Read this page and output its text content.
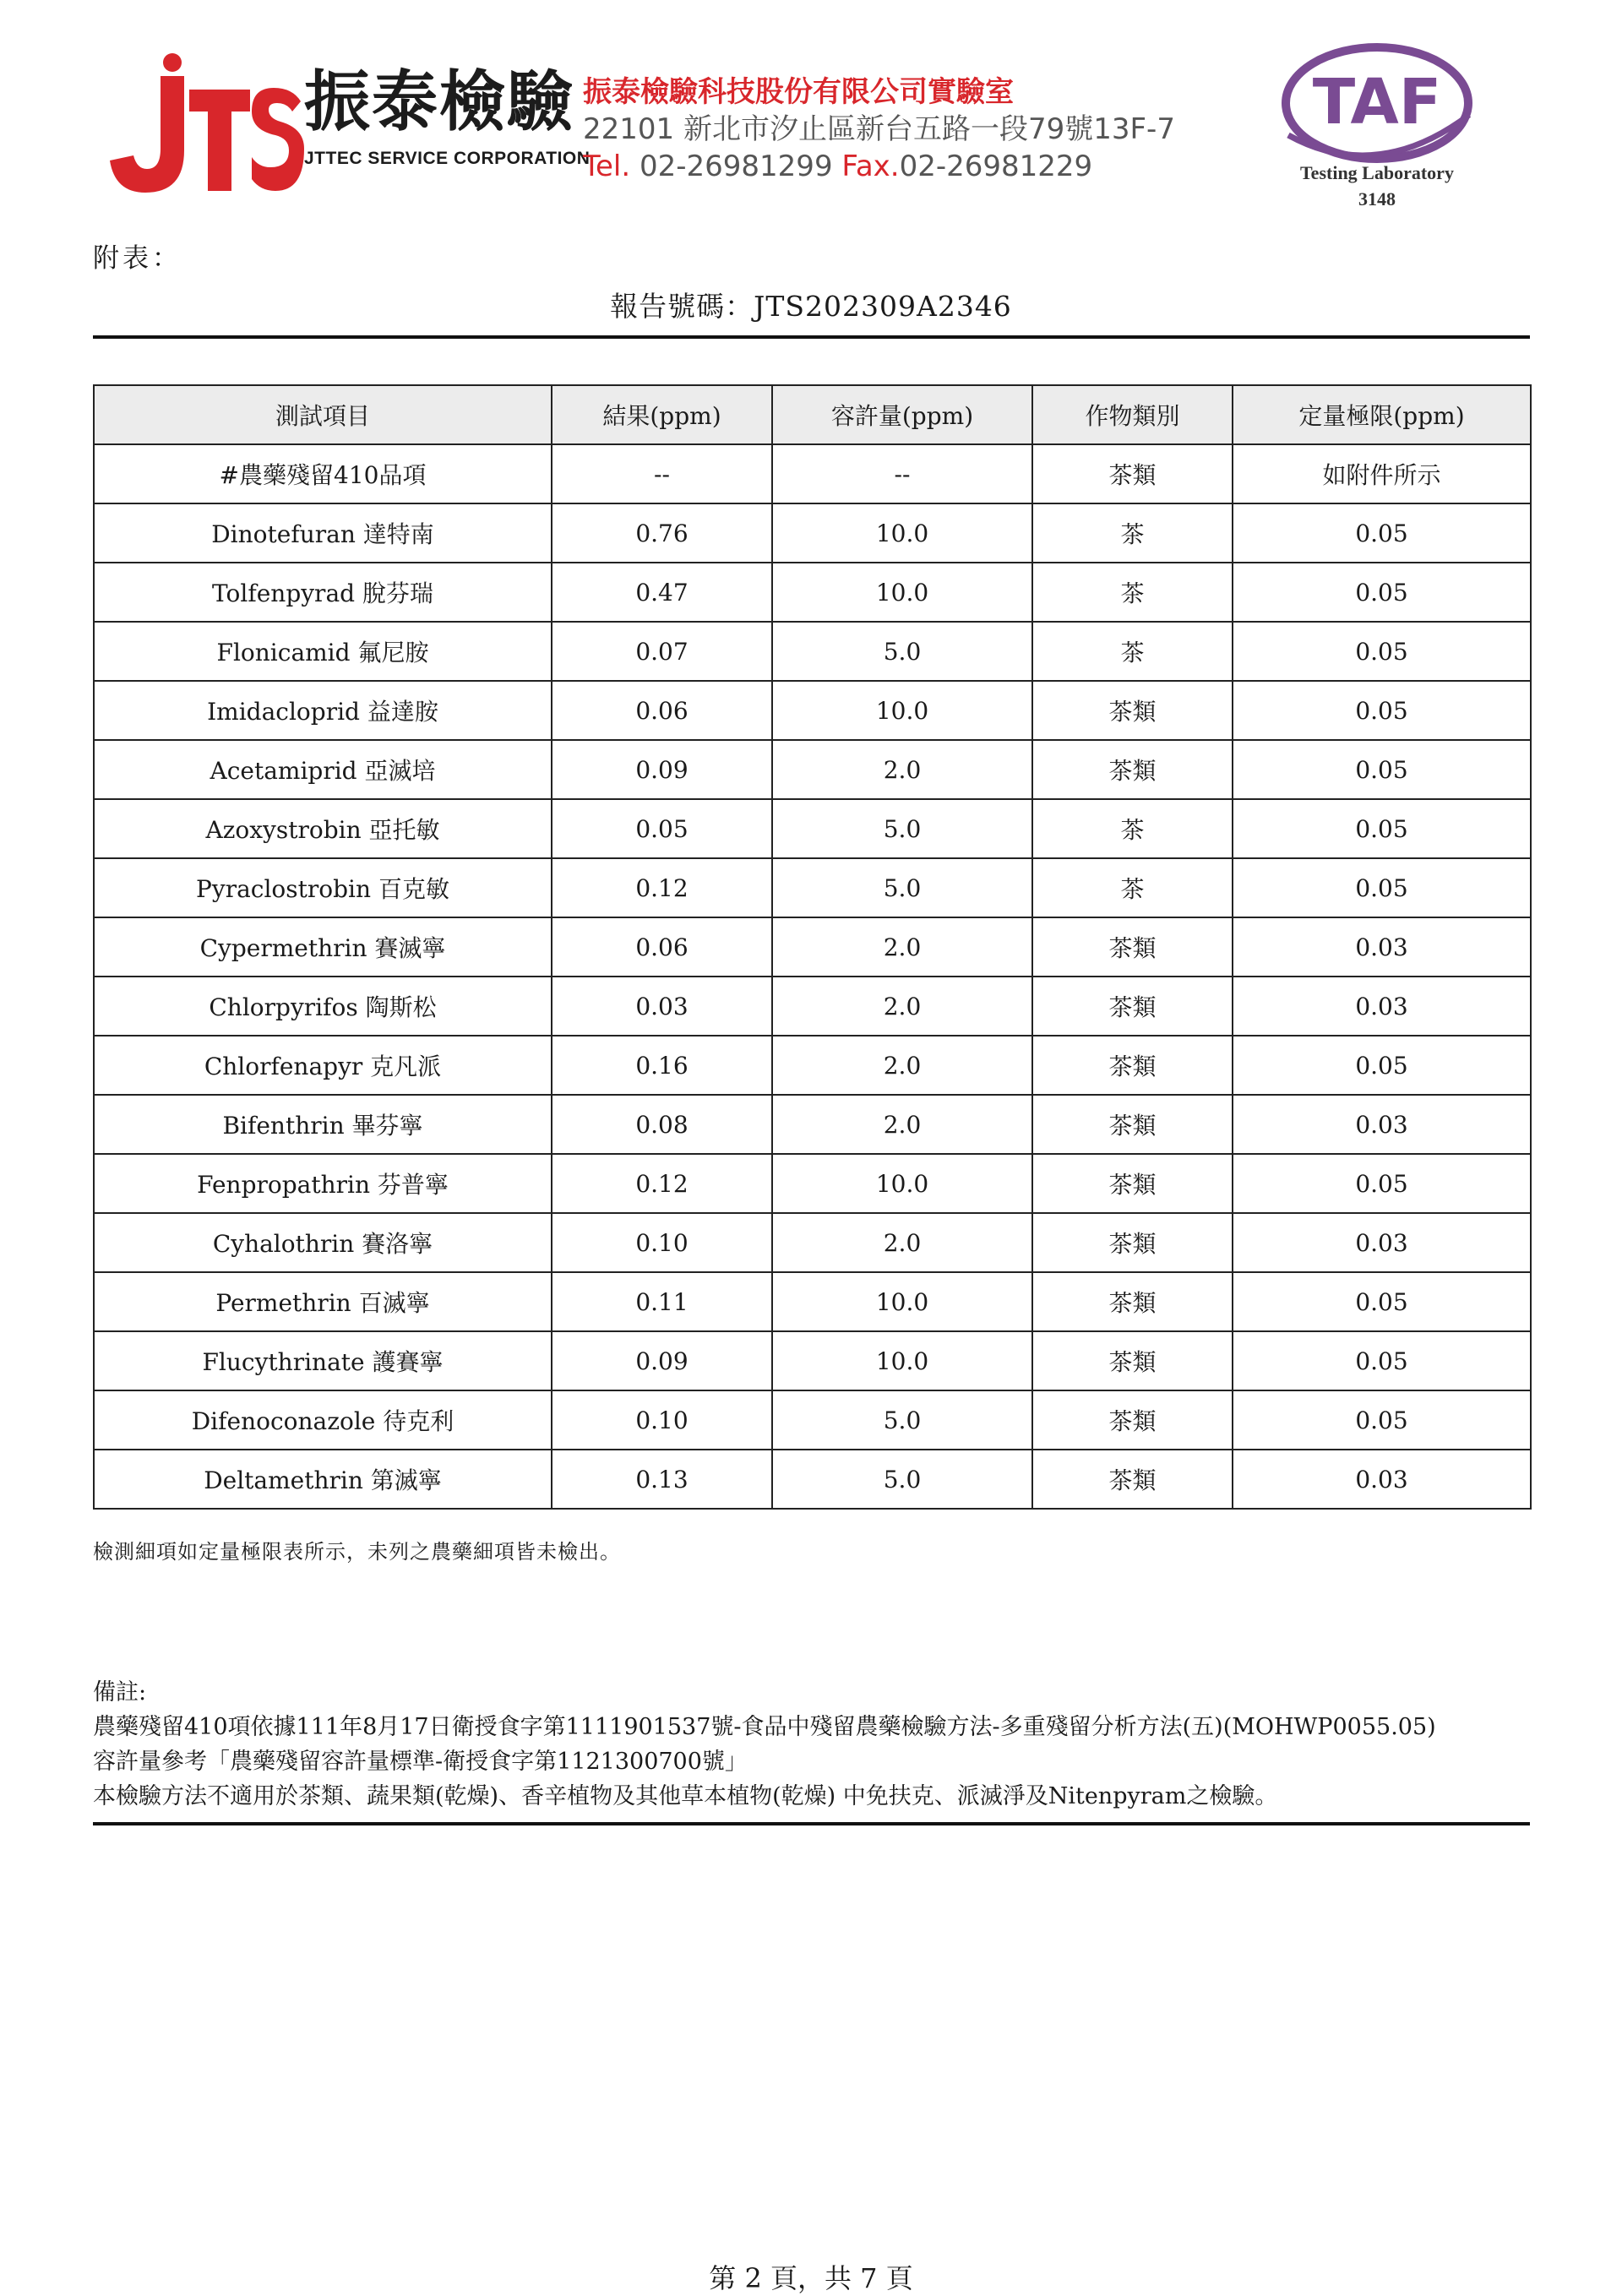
振泰檢驗
JTTEC SERVICE CORPORATION
振泰檢驗科技股份有限公司實驗室
22101 新北市汐止區新台五路一段79號13F-7
Tel. 02-26981299 Fax.02-26981229
TAF
Testing Laboratory
3148
附表：
報告號碼：JTS202309A2346
測試項目	結果(ppm)	容許量(ppm)	作物類別	定量極限(ppm)
#農藥殘留410品項	--	--	茶類	如附件所示
Dinotefuran 達特南	0.76	10.0	茶	0.05
Tolfenpyrad 脫芬瑞	0.47	10.0	茶	0.05
Flonicamid 氟尼胺	0.07	5.0	茶	0.05
Imidacloprid 益達胺	0.06	10.0	茶類	0.05
Acetamiprid 亞滅培	0.09	2.0	茶類	0.05
Azoxystrobin 亞托敏	0.05	5.0	茶	0.05
Pyraclostrobin 百克敏	0.12	5.0	茶	0.05
Cypermethrin 賽滅寧	0.06	2.0	茶類	0.03
Chlorpyrifos 陶斯松	0.03	2.0	茶類	0.03
Chlorfenapyr 克凡派	0.16	2.0	茶類	0.05
Bifenthrin 畢芬寧	0.08	2.0	茶類	0.03
Fenpropathrin 芬普寧	0.12	10.0	茶類	0.05
Cyhalothrin 賽洛寧	0.10	2.0	茶類	0.03
Permethrin 百滅寧	0.11	10.0	茶類	0.05
Flucythrinate 護賽寧	0.09	10.0	茶類	0.05
Difenoconazole 待克利	0.10	5.0	茶類	0.05
Deltamethrin 第滅寧	0.13	5.0	茶類	0.03
檢測細項如定量極限表所示，未列之農藥細項皆未檢出。
備註:
農藥殘留410項依據111年8月17日衛授食字第1111901537號-食品中殘留農藥檢驗方法-多重殘留分析方法(五)(MOHWP0055.05)
容許量參考「農藥殘留容許量標準-衛授食字第1121300700號」
本檢驗方法不適用於茶類、蔬果類(乾燥)、香辛植物及其他草本植物(乾燥) 中免扶克、派滅淨及Nitenpyram之檢驗。
第 2 頁，共 7 頁
